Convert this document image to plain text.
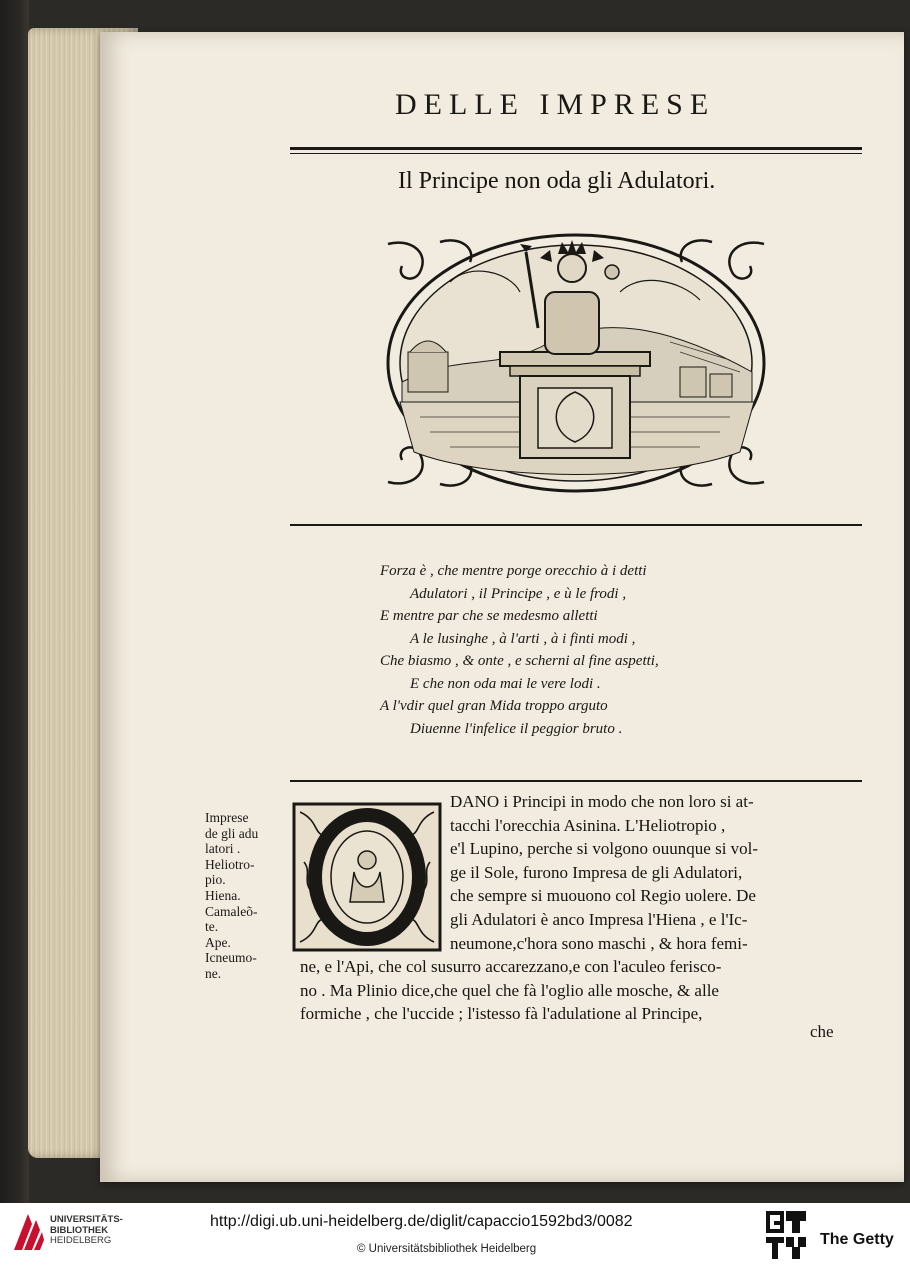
DELLE IMPRESE
Il Principe non oda gli Adulatori.
Forza è , che mentre porge orecchio à i detti
Adulatori , il Principe , e ù le frodi ,
E mentre par che se medesmo alletti
A le lusinghe , à l'arti , à i finti modi ,
Che biasmo , & onte , e scherni al fine aspetti,
E che non oda mai le vere lodi .
A l'vdir quel gran Mida troppo arguto
Diuenne l'infelice il peggior bruto .
Imprese
de gli adu
latori .
Heliotro-
pio.
Hiena.
Camaleõ-
te.
Ape.
Icneumo-
ne.
DANO i Principi in modo che non loro si at-
tacchi l'orecchia Asinina. L'Heliotropio ,
e'l Lupino, perche si volgono ouunque si vol-
ge il Sole, furono Impresa de gli Adulatori,
che sempre si muouono col Regio uolere. De
gli Adulatori è anco Impresa l'Hiena , e l'Ic-
neumone,c'hora sono maschi , & hora femi-
ne, e l'Api, che col susurro accarezzano,e con l'aculeo ferisco-
no . Ma Plinio dice,che quel che fà l'oglio alle mosche, & alle
formiche , che l'uccide ; l'istesso fà l'adulatione al Principe,
che
UNIVERSITÄTS-
BIBLIOTHEK
HEIDELBERG
http://digi.ub.uni-heidelberg.de/diglit/capaccio1592bd3/0082
© Universitätsbibliothek Heidelberg
The Getty
